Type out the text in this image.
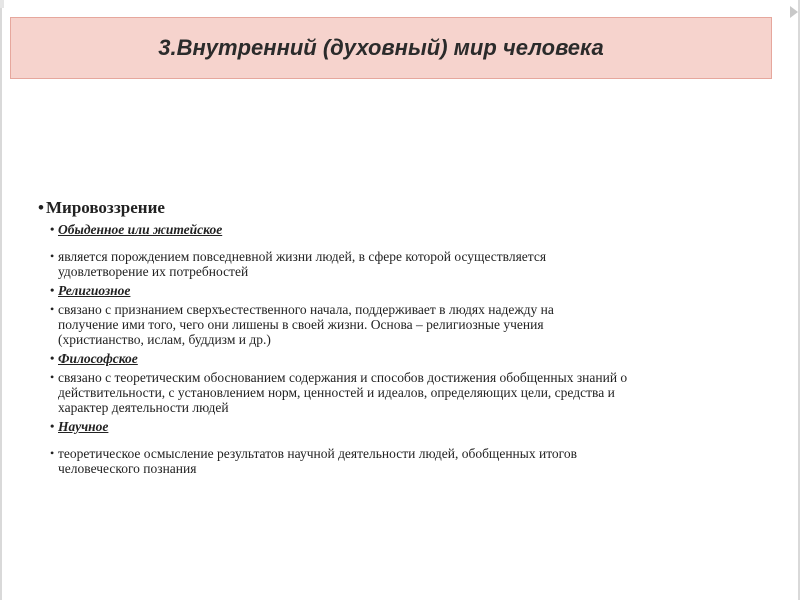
3.Внутренний (духовный) мир человека
• Мировоззрение
• Обыденное или житейское
• является порождением повседневной жизни людей, в сфере которой осуществляется
удовлетворение их потребностей
• Религиозное
• связано с признанием сверхъестественного начала, поддерживает в людях надежду на
получение ими того, чего они лишены в своей жизни. Основа – религиозные учения
(христианство, ислам, буддизм и др.)
• Философское
• связано с теоретическим обоснованием содержания и способов достижения обобщенных знаний о
действительности, с установлением норм, ценностей и идеалов, определяющих цели, средства и
характер деятельности людей
• Научное
• теоретическое осмысление результатов научной деятельности людей, обобщенных итогов
человеческого познания
